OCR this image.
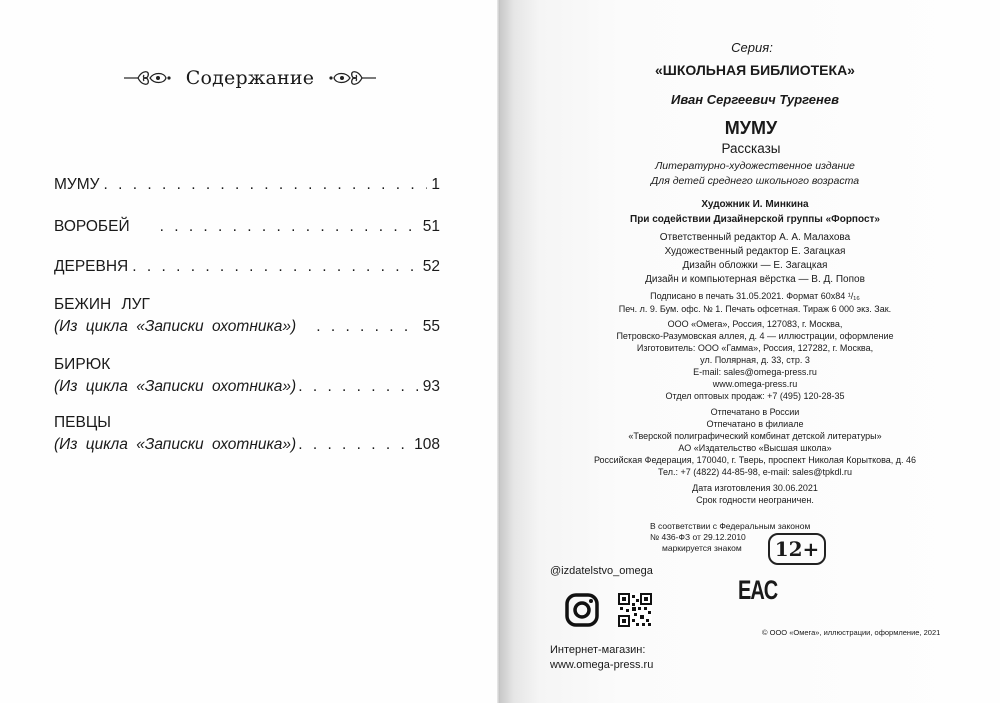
Содержание
МУМУ . . .	1
ВОРОБЕЙ . . .	51
ДЕРЕВНЯ . . .	52
БЕЖИН ЛУГ
(Из цикла «Записки охотника») . . .	55
БИРЮК
(Из цикла «Записки охотника») . . .	93
ПЕВЦЫ
(Из цикла «Записки охотника») . . .	108
Серия:
«ШКОЛЬНАЯ БИБЛИОТЕКА»
Иван Сергеевич Тургенев
МУМУ
Рассказы
Литературно-художественное издание
Для детей среднего школьного возраста
Художник И. Минкина
При содействии Дизайнерской группы «Форпост»
Ответственный редактор А. А. Малахова
Художественный редактор Е. Загацкая
Дизайн обложки — Е. Загацкая
Дизайн и компьютерная вёрстка — В. Д. Попов
Подписано в печать 31.05.2021. Формат 60x84 ¹/₁₆
Печ. л. 9. Бум. офс. № 1. Печать офсетная. Тираж 6 000 экз. Зак.
ООО «Омега», Россия, 127083, г. Москва,
Петровско-Разумовская аллея, д. 4 — иллюстрации, оформление
Изготовитель: ООО «Гамма», Россия, 127282, г. Москва,
ул. Полярная, д. 33, стр. 3
E-mail: sales@omega-press.ru
www.omega-press.ru
Отдел оптовых продаж: +7 (495) 120-28-35
Отпечатано в России
Отпечатано в филиале
«Тверской полиграфический комбинат детской литературы»
АО «Издательство «Высшая школа»
Российская Федерация, 170040, г. Тверь, проспект Николая Корыткова, д. 46
Тел.: +7 (4822) 44-85-98, e-mail: sales@tpkdl.ru
Дата изготовления 30.06.2021
Срок годности неограничен.
В соответствии с Федеральным законом
№ 436-ФЗ от 29.12.2010
маркируется знаком	12+
@izdatelstvo_omega
EAC
Интернет-магазин:
www.omega-press.ru
© ООО «Омега», иллюстрации, оформление, 2021
